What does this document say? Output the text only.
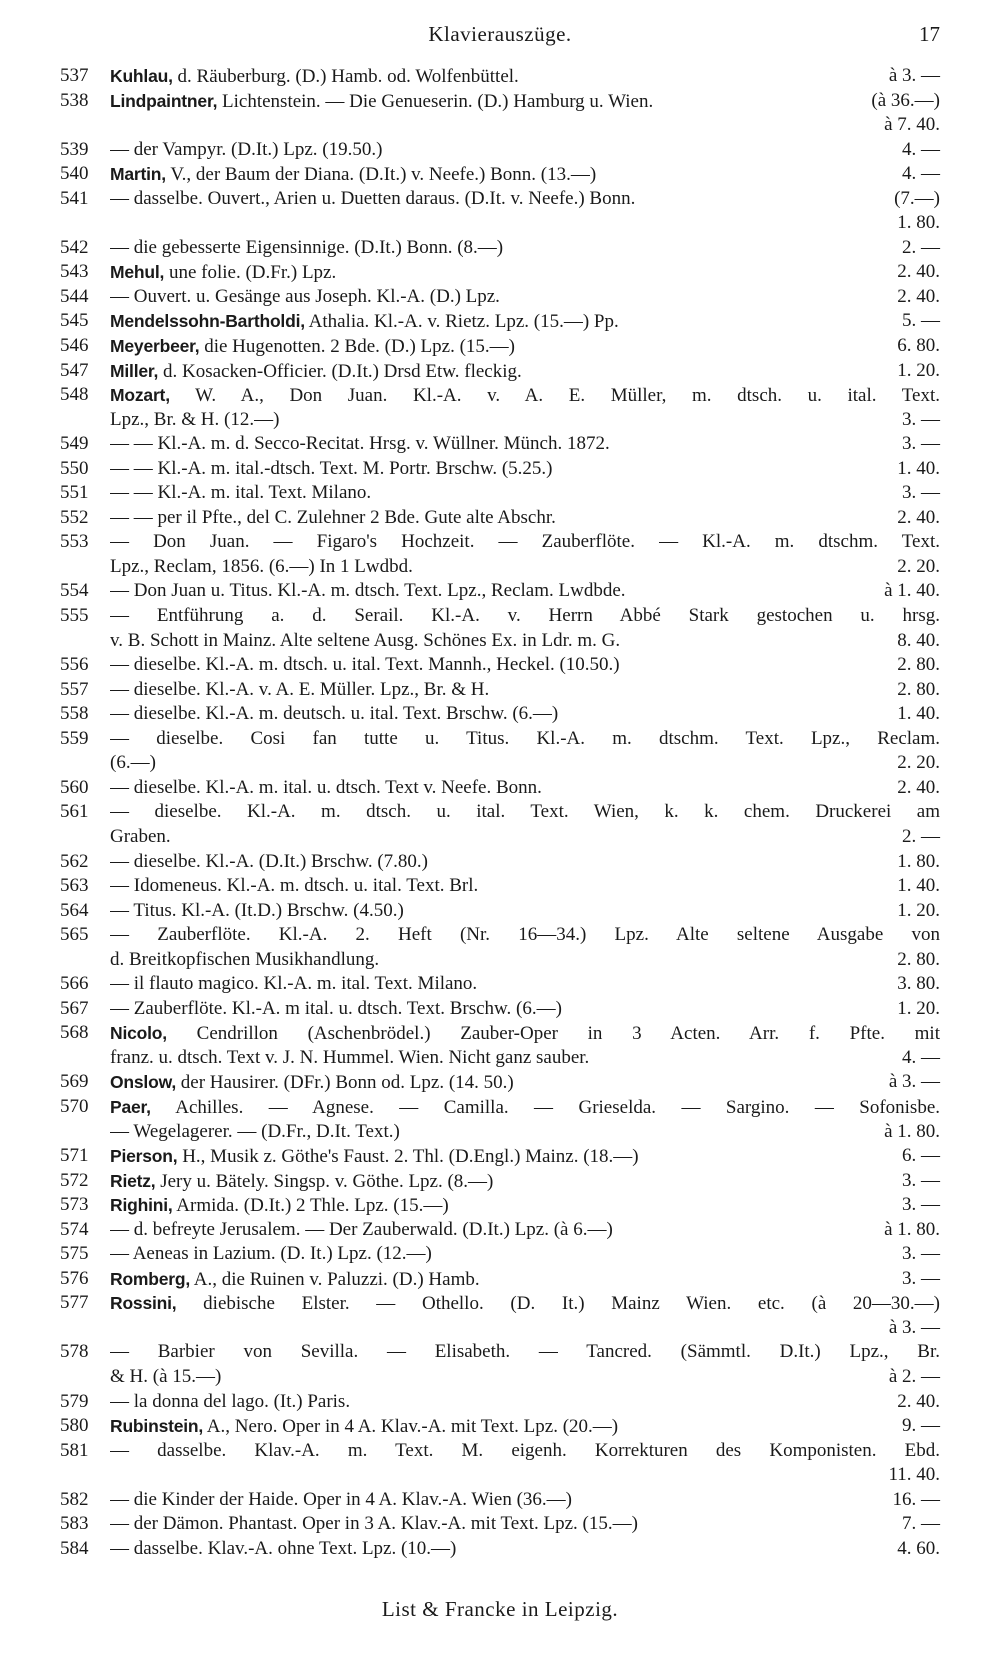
Klavierauszüge.	17
537	Kuhlau, d. Räuberburg. (D.) Hamb. od. Wolfenbüttel.	à 3. —
538	Lindpaintner, Lichtenstein. — Die Genueserin. (D.) Hamburg u. Wien.	(à 36.—)
à 7. 40.
539	— der Vampyr. (D.It.) Lpz. (19.50.)	4. —
540	Martin, V., der Baum der Diana. (D.It.) v. Neefe.) Bonn. (13.—)	4. —
541	— dasselbe. Ouvert., Arien u. Duetten daraus. (D.It. v. Neefe.) Bonn.	(7.—)
1. 80.
542	— die gebesserte Eigensinnige. (D.It.) Bonn. (8.—)	2. —
543	Mehul, une folie. (D.Fr.) Lpz.	2. 40.
544	— Ouvert. u. Gesänge aus Joseph. Kl.-A. (D.) Lpz.	2. 40.
545	Mendelssohn-Bartholdi, Athalia. Kl.-A. v. Rietz. Lpz. (15.—) Pp.	5. —
546	Meyerbeer, die Hugenotten. 2 Bde. (D.) Lpz. (15.—)	6. 80.
547	Miller, d. Kosacken-Officier. (D.It.) Drsd Etw. fleckig.	1. 20.
548	Mozart, W. A., Don Juan. Kl.-A. v. A. E. Müller, m. dtsch. u. ital. Text.
Lpz., Br. & H. (12.—)	3. —
549	— — Kl.-A. m. d. Secco-Recitat. Hrsg. v. Wüllner. Münch. 1872.	3. —
550	— — Kl.-A. m. ital.-dtsch. Text. M. Portr. Brschw. (5.25.)	1. 40.
551	— — Kl.-A. m. ital. Text. Milano.	3. —
552	— — per il Pfte., del C. Zulehner 2 Bde. Gute alte Abschr.	2. 40.
553	— Don Juan. — Figaro's Hochzeit. — Zauberflöte. — Kl.-A. m. dtschm. Text.
Lpz., Reclam, 1856. (6.—) In 1 Lwdbd.	2. 20.
554	— Don Juan u. Titus. Kl.-A. m. dtsch. Text. Lpz., Reclam. Lwdbde.	à 1. 40.
555	— Entführung a. d. Serail. Kl.-A. v. Herrn Abbé Stark gestochen u. hrsg.
v. B. Schott in Mainz. Alte seltene Ausg. Schönes Ex. in Ldr. m. G.	8. 40.
556	— dieselbe. Kl.-A. m. dtsch. u. ital. Text. Mannh., Heckel. (10.50.)	2. 80.
557	— dieselbe. Kl.-A. v. A. E. Müller. Lpz., Br. & H.	2. 80.
558	— dieselbe. Kl.-A. m. deutsch. u. ital. Text. Brschw. (6.—)	1. 40.
559	— dieselbe. Cosi fan tutte u. Titus. Kl.-A. m. dtschm. Text. Lpz., Reclam.
(6.—)	2. 20.
560	— dieselbe. Kl.-A. m. ital. u. dtsch. Text v. Neefe. Bonn.	2. 40.
561	— dieselbe. Kl.-A. m. dtsch. u. ital. Text. Wien, k. k. chem. Druckerei am
Graben.	2. —
562	— dieselbe. Kl.-A. (D.It.) Brschw. (7.80.)	1. 80.
563	— Idomeneus. Kl.-A. m. dtsch. u. ital. Text. Brl.	1. 40.
564	— Titus. Kl.-A. (It.D.) Brschw. (4.50.)	1. 20.
565	— Zauberflöte. Kl.-A. 2. Heft (Nr. 16—34.) Lpz. Alte seltene Ausgabe von
d. Breitkopfischen Musikhandlung.	2. 80.
566	— il flauto magico. Kl.-A. m. ital. Text. Milano.	3. 80.
567	— Zauberflöte. Kl.-A. m ital. u. dtsch. Text. Brschw. (6.—)	1. 20.
568	Nicolo, Cendrillon (Aschenbrödel.) Zauber-Oper in 3 Acten. Arr. f. Pfte. mit
franz. u. dtsch. Text v. J. N. Hummel. Wien. Nicht ganz sauber.	4. —
569	Onslow, der Hausirer. (DFr.) Bonn od. Lpz. (14. 50.)	à 3. —
570	Paer, Achilles. — Agnese. — Camilla. — Grieselda. — Sargino. — Sofonisbe.
— Wegelagerer. — (D.Fr., D.It. Text.)	à 1. 80.
571	Pierson, H., Musik z. Göthe's Faust. 2. Thl. (D.Engl.) Mainz. (18.—)	6. —
572	Rietz, Jery u. Bätely. Singsp. v. Göthe. Lpz. (8.—)	3. —
573	Righini, Armida. (D.It.) 2 Thle. Lpz. (15.—)	3. —
574	— d. befreyte Jerusalem. — Der Zauberwald. (D.It.) Lpz. (à 6.—)	à 1. 80.
575	— Aeneas in Lazium. (D. It.) Lpz. (12.—)	3. —
576	Romberg, A., die Ruinen v. Paluzzi. (D.) Hamb.	3. —
577	Rossini, diebische Elster. — Othello. (D. It.) Mainz Wien. etc. (à 20—30.—)
à 3. —
578	— Barbier von Sevilla. — Elisabeth. — Tancred. (Sämmtl. D.It.) Lpz., Br.
& H. (à 15.—)	à 2. —
579	— la donna del lago. (It.) Paris.	2. 40.
580	Rubinstein, A., Nero. Oper in 4 A. Klav.-A. mit Text. Lpz. (20.—)	9. —
581	— dasselbe. Klav.-A. m. Text. M. eigenh. Korrekturen des Komponisten. Ebd.
11. 40.
582	— die Kinder der Haide. Oper in 4 A. Klav.-A. Wien (36.—)	16. —
583	— der Dämon. Phantast. Oper in 3 A. Klav.-A. mit Text. Lpz. (15.—)	7. —
584	— dasselbe. Klav.-A. ohne Text. Lpz. (10.—)	4. 60.
List & Francke in Leipzig.
